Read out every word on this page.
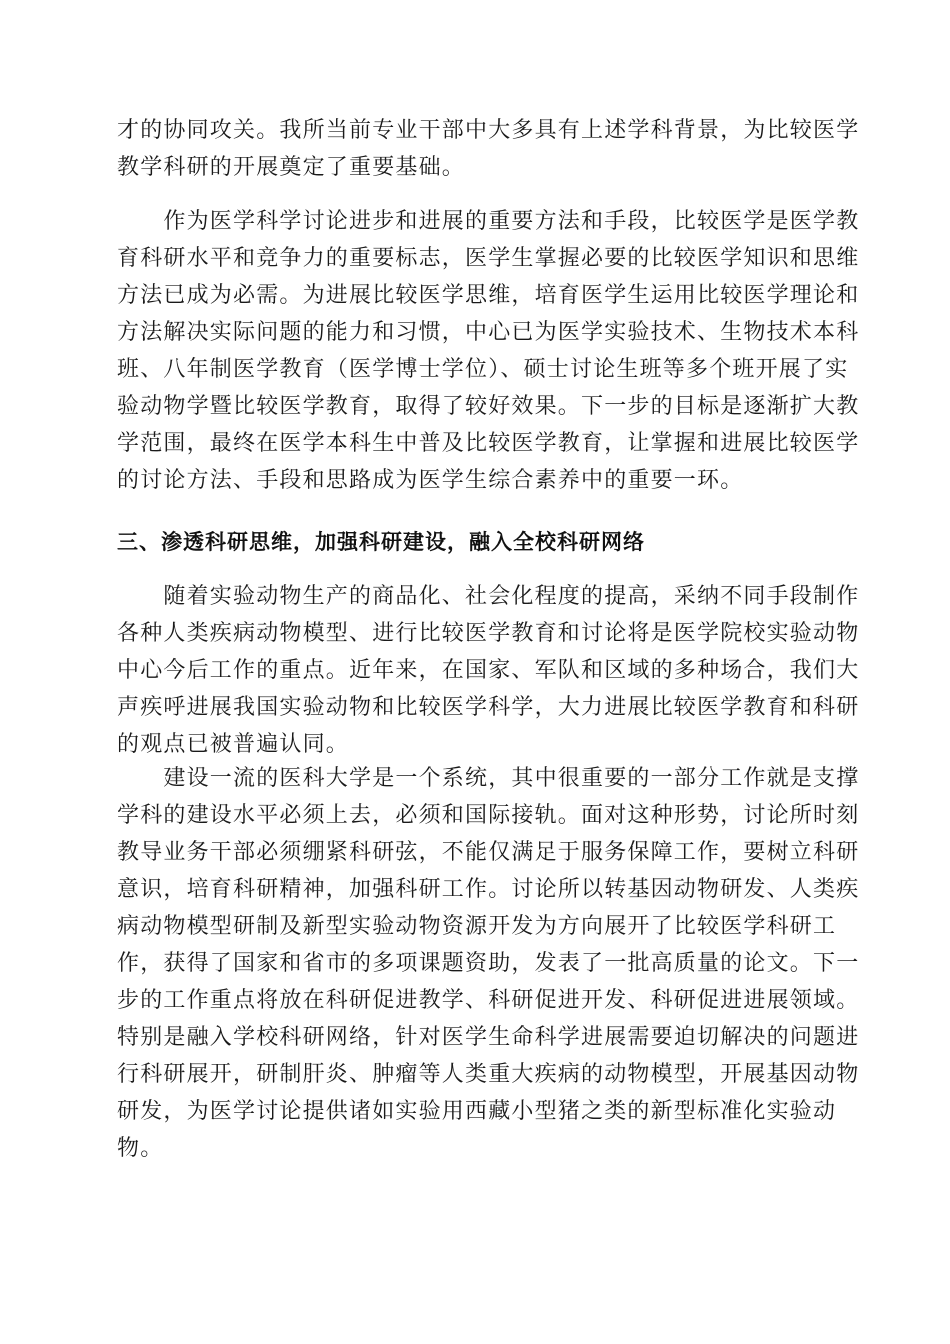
才的协同攻关。我所当前专业干部中大多具有上述学科背景，为比较医学
教学科研的开展奠定了重要基础。
　　作为医学科学讨论进步和进展的重要方法和手段，比较医学是医学教
育科研水平和竞争力的重要标志，医学生掌握必要的比较医学知识和思维
方法已成为必需。为进展比较医学思维，培育医学生运用比较医学理论和
方法解决实际问题的能力和习惯，中心已为医学实验技术、生物技术本科
班、八年制医学教育（医学博士学位）、硕士讨论生班等多个班开展了实
验动物学暨比较医学教育，取得了较好效果。下一步的目标是逐渐扩大教
学范围，最终在医学本科生中普及比较医学教育，让掌握和进展比较医学
的讨论方法、手段和思路成为医学生综合素养中的重要一环。
三、渗透科研思维，加强科研建设，融入全校科研网络
　　随着实验动物生产的商品化、社会化程度的提高，采纳不同手段制作
各种人类疾病动物模型、进行比较医学教育和讨论将是医学院校实验动物
中心今后工作的重点。近年来，在国家、军队和区域的多种场合，我们大
声疾呼进展我国实验动物和比较医学科学，大力进展比较医学教育和科研
的观点已被普遍认同。
　　建设一流的医科大学是一个系统，其中很重要的一部分工作就是支撑
学科的建设水平必须上去，必须和国际接轨。面对这种形势，讨论所时刻
教导业务干部必须绷紧科研弦，不能仅满足于服务保障工作，要树立科研
意识，培育科研精神，加强科研工作。讨论所以转基因动物研发、人类疾
病动物模型研制及新型实验动物资源开发为方向展开了比较医学科研工
作，获得了国家和省市的多项课题资助，发表了一批高质量的论文。下一
步的工作重点将放在科研促进教学、科研促进开发、科研促进进展领域。
特别是融入学校科研网络，针对医学生命科学进展需要迫切解决的问题进
行科研展开，研制肝炎、肿瘤等人类重大疾病的动物模型，开展基因动物
研发，为医学讨论提供诸如实验用西藏小型猪之类的新型标准化实验动
物。
